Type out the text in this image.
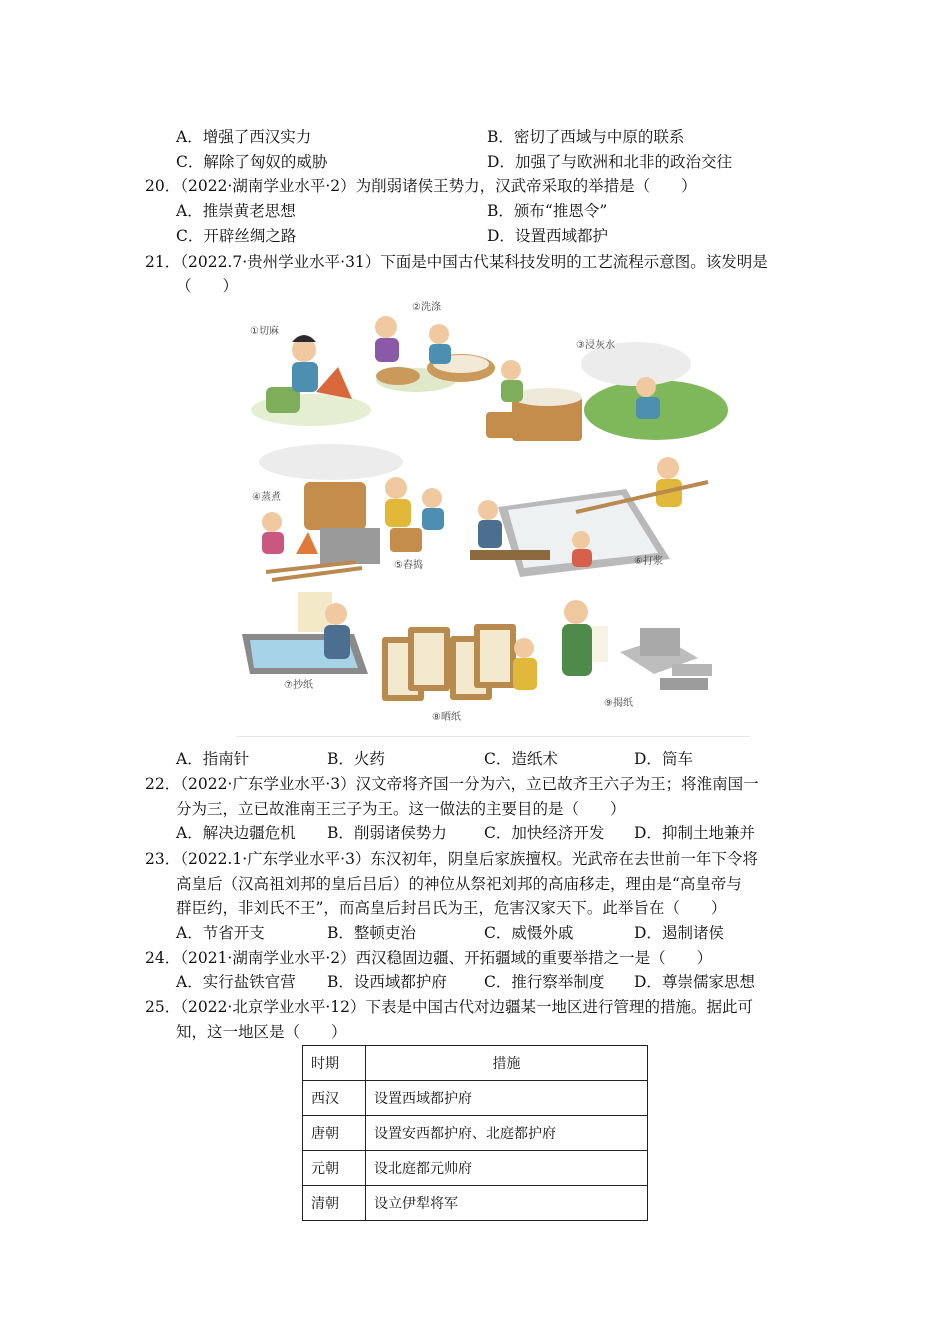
A．增强了西汉实力	B．密切了西域与中原的联系
C．解除了匈奴的威胁	D．加强了与欧洲和北非的政治交往
20．（2022·湖南学业水平·2）为削弱诸侯王势力，汉武帝采取的举措是（　　）
A．推崇黄老思想	B．颁布“推恩令”
C．开辟丝绸之路	D．设置西域都护
21．（2022.7·贵州学业水平·31）下面是中国古代某科技发明的工艺流程示意图。该发明是
（　　）
①切麻
②洗涤
③浸灰水
④蒸煮
⑤舂捣	⑥打浆
⑦抄纸
⑧晒纸
⑨揭纸
A．指南针	B．火药	C．造纸术	D．筒车
22．（2022·广东学业水平·3）汉文帝将齐国一分为六，立已故齐王六子为王；将淮南国一
分为三，立已故淮南王三子为王。这一做法的主要目的是（　　）
A．解决边疆危机 B．削弱诸侯势力 C．加快经济开发 D．抑制土地兼并
23．（2022.1·广东学业水平·3）东汉初年，阴皇后家族擅权。光武帝在去世前一年下令将
高皇后（汉高祖刘邦的皇后吕后）的神位从祭祀刘邦的高庙移走，理由是“高皇帝与
群臣约，非刘氏不王”，而高皇后封吕氏为王，危害汉家天下。此举旨在（　　）
A．节省开支	B．整顿吏治	C．威慑外戚	D．遏制诸侯
24．（2021·湖南学业水平·2）西汉稳固边疆、开拓疆域的重要举措之一是（　　）
A．实行盐铁官营 B．设西域都护府 C．推行察举制度 D．尊崇儒家思想
25．（2022·北京学业水平·12）下表是中国古代对边疆某一地区进行管理的措施。据此可
知，这一地区是（　　）
时期	措施
西汉	设置西域都护府
唐朝	设置安西都护府、北庭都护府
元朝	设北庭都元帅府
清朝	设立伊犁将军
